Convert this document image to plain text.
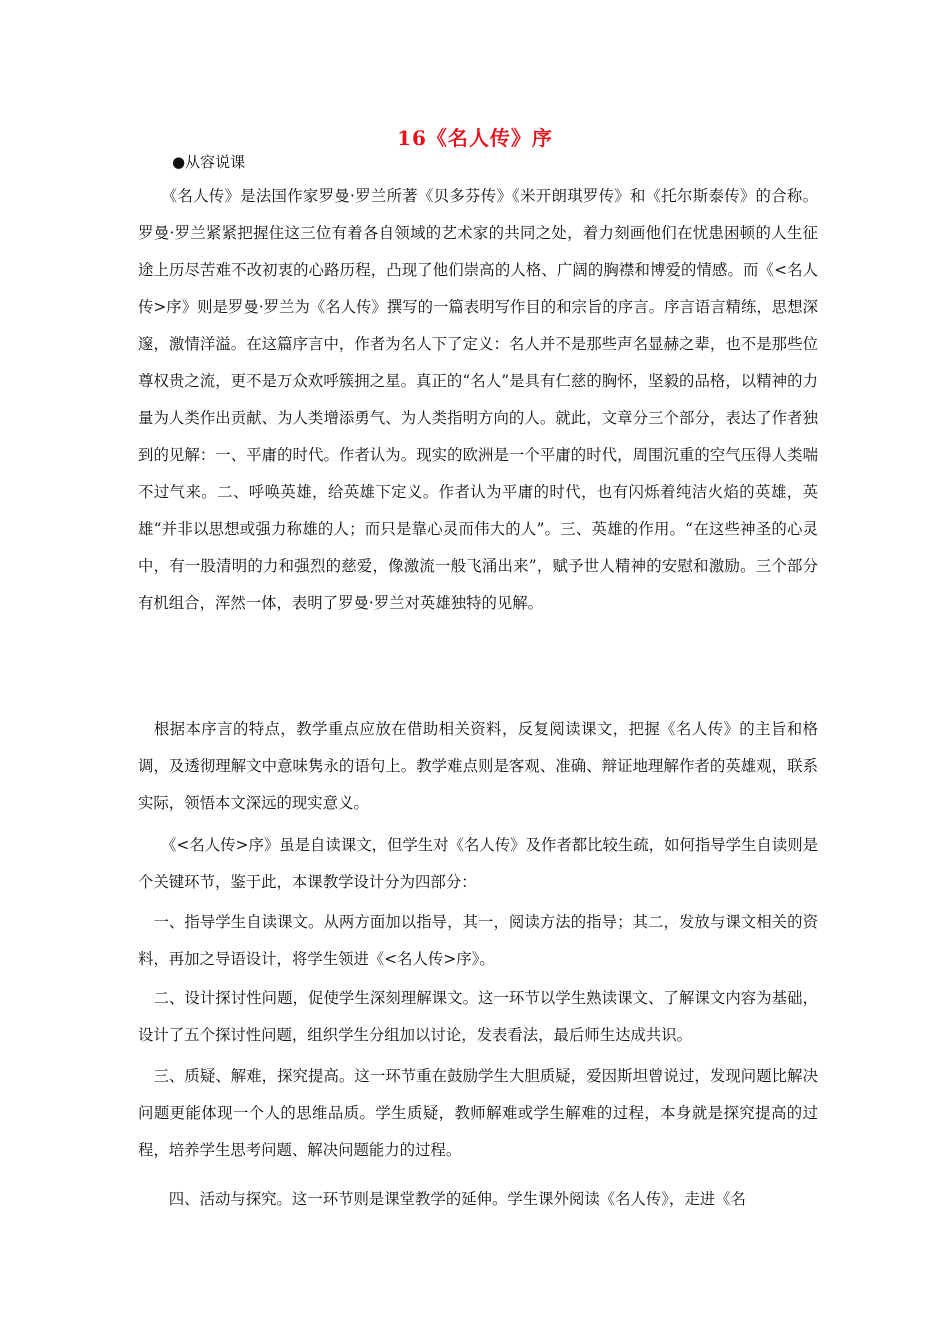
16《名人传》序
●从容说课

　　《名人传》是法国作家罗曼·罗兰所著《贝多芬传》《米开朗琪罗传》和《托尔斯泰传》的合称。罗曼·罗兰紧紧把握住这三位有着各自领域的艺术家的共同之处，着力刻画他们在忧患困顿的人生征途上历尽苦难不改初衷的心路历程，凸现了他们崇高的人格、广阔的胸襟和博爱的情感。而《<名人传>序》则是罗曼·罗兰为《名人传》撰写的一篇表明写作目的和宗旨的序言。序言语言精练，思想深邃，激情洋溢。在这篇序言中，作者为名人下了定义：名人并不是那些声名显赫之辈，也不是那些位尊权贵之流，更不是万众欢呼簇拥之星。真正的“名人”是具有仁慈的胸怀，坚毅的品格，以精神的力量为人类作出贡献、为人类增添勇气、为人类指明方向的人。就此，文章分三个部分，表达了作者独到的见解：一、平庸的时代。作者认为。现实的欧洲是一个平庸的时代，周围沉重的空气压得人类喘不过气来。二、呼唤英雄，给英雄下定义。作者认为平庸的时代，也有闪烁着纯洁火焰的英雄，英雄“并非以思想或强力称雄的人；而只是靠心灵而伟大的人”。三、英雄的作用。“在这些神圣的心灵中，有一股清明的力和强烈的慈爱，像激流一般飞涌出来”，赋予世人精神的安慰和激励。三个部分有机组合，浑然一体，表明了罗曼·罗兰对英雄独特的见解。

　根据本序言的特点，教学重点应放在借助相关资料，反复阅读课文，把握《名人传》的主旨和格调，及透彻理解文中意味隽永的语句上。教学难点则是客观、准确、辩证地理解作者的英雄观，联系实际，领悟本文深远的现实意义。

　　《<名人传>序》虽是自读课文，但学生对《名人传》及作者都比较生疏，如何指导学生自读则是个关键环节，鉴于此，本课教学设计分为四部分：

　一、指导学生自读课文。从两方面加以指导，其一，阅读方法的指导；其二，发放与课文相关的资料，再加之导语设计，将学生领进《<名人传>序》。

　二、设计探讨性问题，促使学生深刻理解课文。这一环节以学生熟读课文、了解课文内容为基础，设计了五个探讨性问题，组织学生分组加以讨论，发表看法，最后师生达成共识。

　三、质疑、解难，探究提高。这一环节重在鼓励学生大胆质疑，爱因斯坦曾说过，发现问题比解决问题更能体现一个人的思维品质。学生质疑，教师解难或学生解难的过程，本身就是探究提高的过程，培养学生思考问题、解决问题能力的过程。

　　四、活动与探究。这一环节则是课堂教学的延伸。学生课外阅读《名人传》，走进《名
